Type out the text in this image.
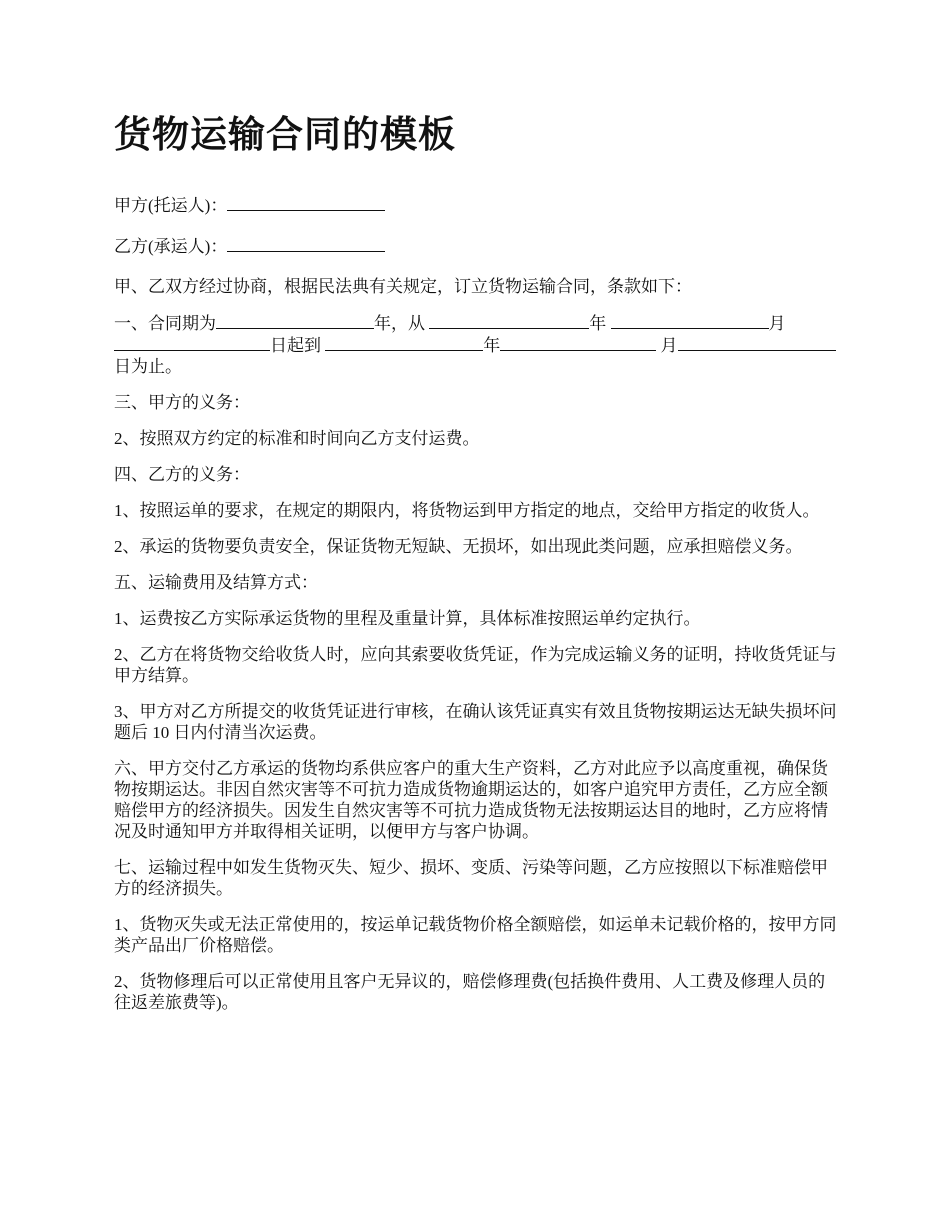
货物运输合同的模板

甲方(托运人)：

乙方(承运人)：

甲、乙双方经过协商，根据民法典有关规定，订立货物运输合同，条款如下：

一、合同期为	年，从	年	月 日起到	年	月 日为止。

三、甲方的义务：

2、按照双方约定的标准和时间向乙方支付运费。

四、乙方的义务：

1、按照运单的要求，在规定的期限内，将货物运到甲方指定的地点，交给甲方指定的收货人。

2、承运的货物要负责安全，保证货物无短缺、无损坏，如出现此类问题，应承担赔偿义务。

五、运输费用及结算方式：

1、运费按乙方实际承运货物的里程及重量计算，具体标准按照运单约定执行。

2、乙方在将货物交给收货人时，应向其索要收货凭证，作为完成运输义务的证明，持收货凭证与甲方结算。

3、甲方对乙方所提交的收货凭证进行审核，在确认该凭证真实有效且货物按期运达无缺失损坏问题后 10 日内付清当次运费。

六、甲方交付乙方承运的货物均系供应客户的重大生产资料，乙方对此应予以高度重视，确保货物按期运达。非因自然灾害等不可抗力造成货物逾期运达的，如客户追究甲方责任，乙方应全额赔偿甲方的经济损失。因发生自然灾害等不可抗力造成货物无法按期运达目的地时，乙方应将情况及时通知甲方并取得相关证明，以便甲方与客户协调。

七、运输过程中如发生货物灭失、短少、损坏、变质、污染等问题，乙方应按照以下标准赔偿甲方的经济损失。

1、货物灭失或无法正常使用的，按运单记载货物价格全额赔偿，如运单未记载价格的，按甲方同类产品出厂价格赔偿。

2、货物修理后可以正常使用且客户无异议的，赔偿修理费(包括换件费用、人工费及修理人员的往返差旅费等)。
